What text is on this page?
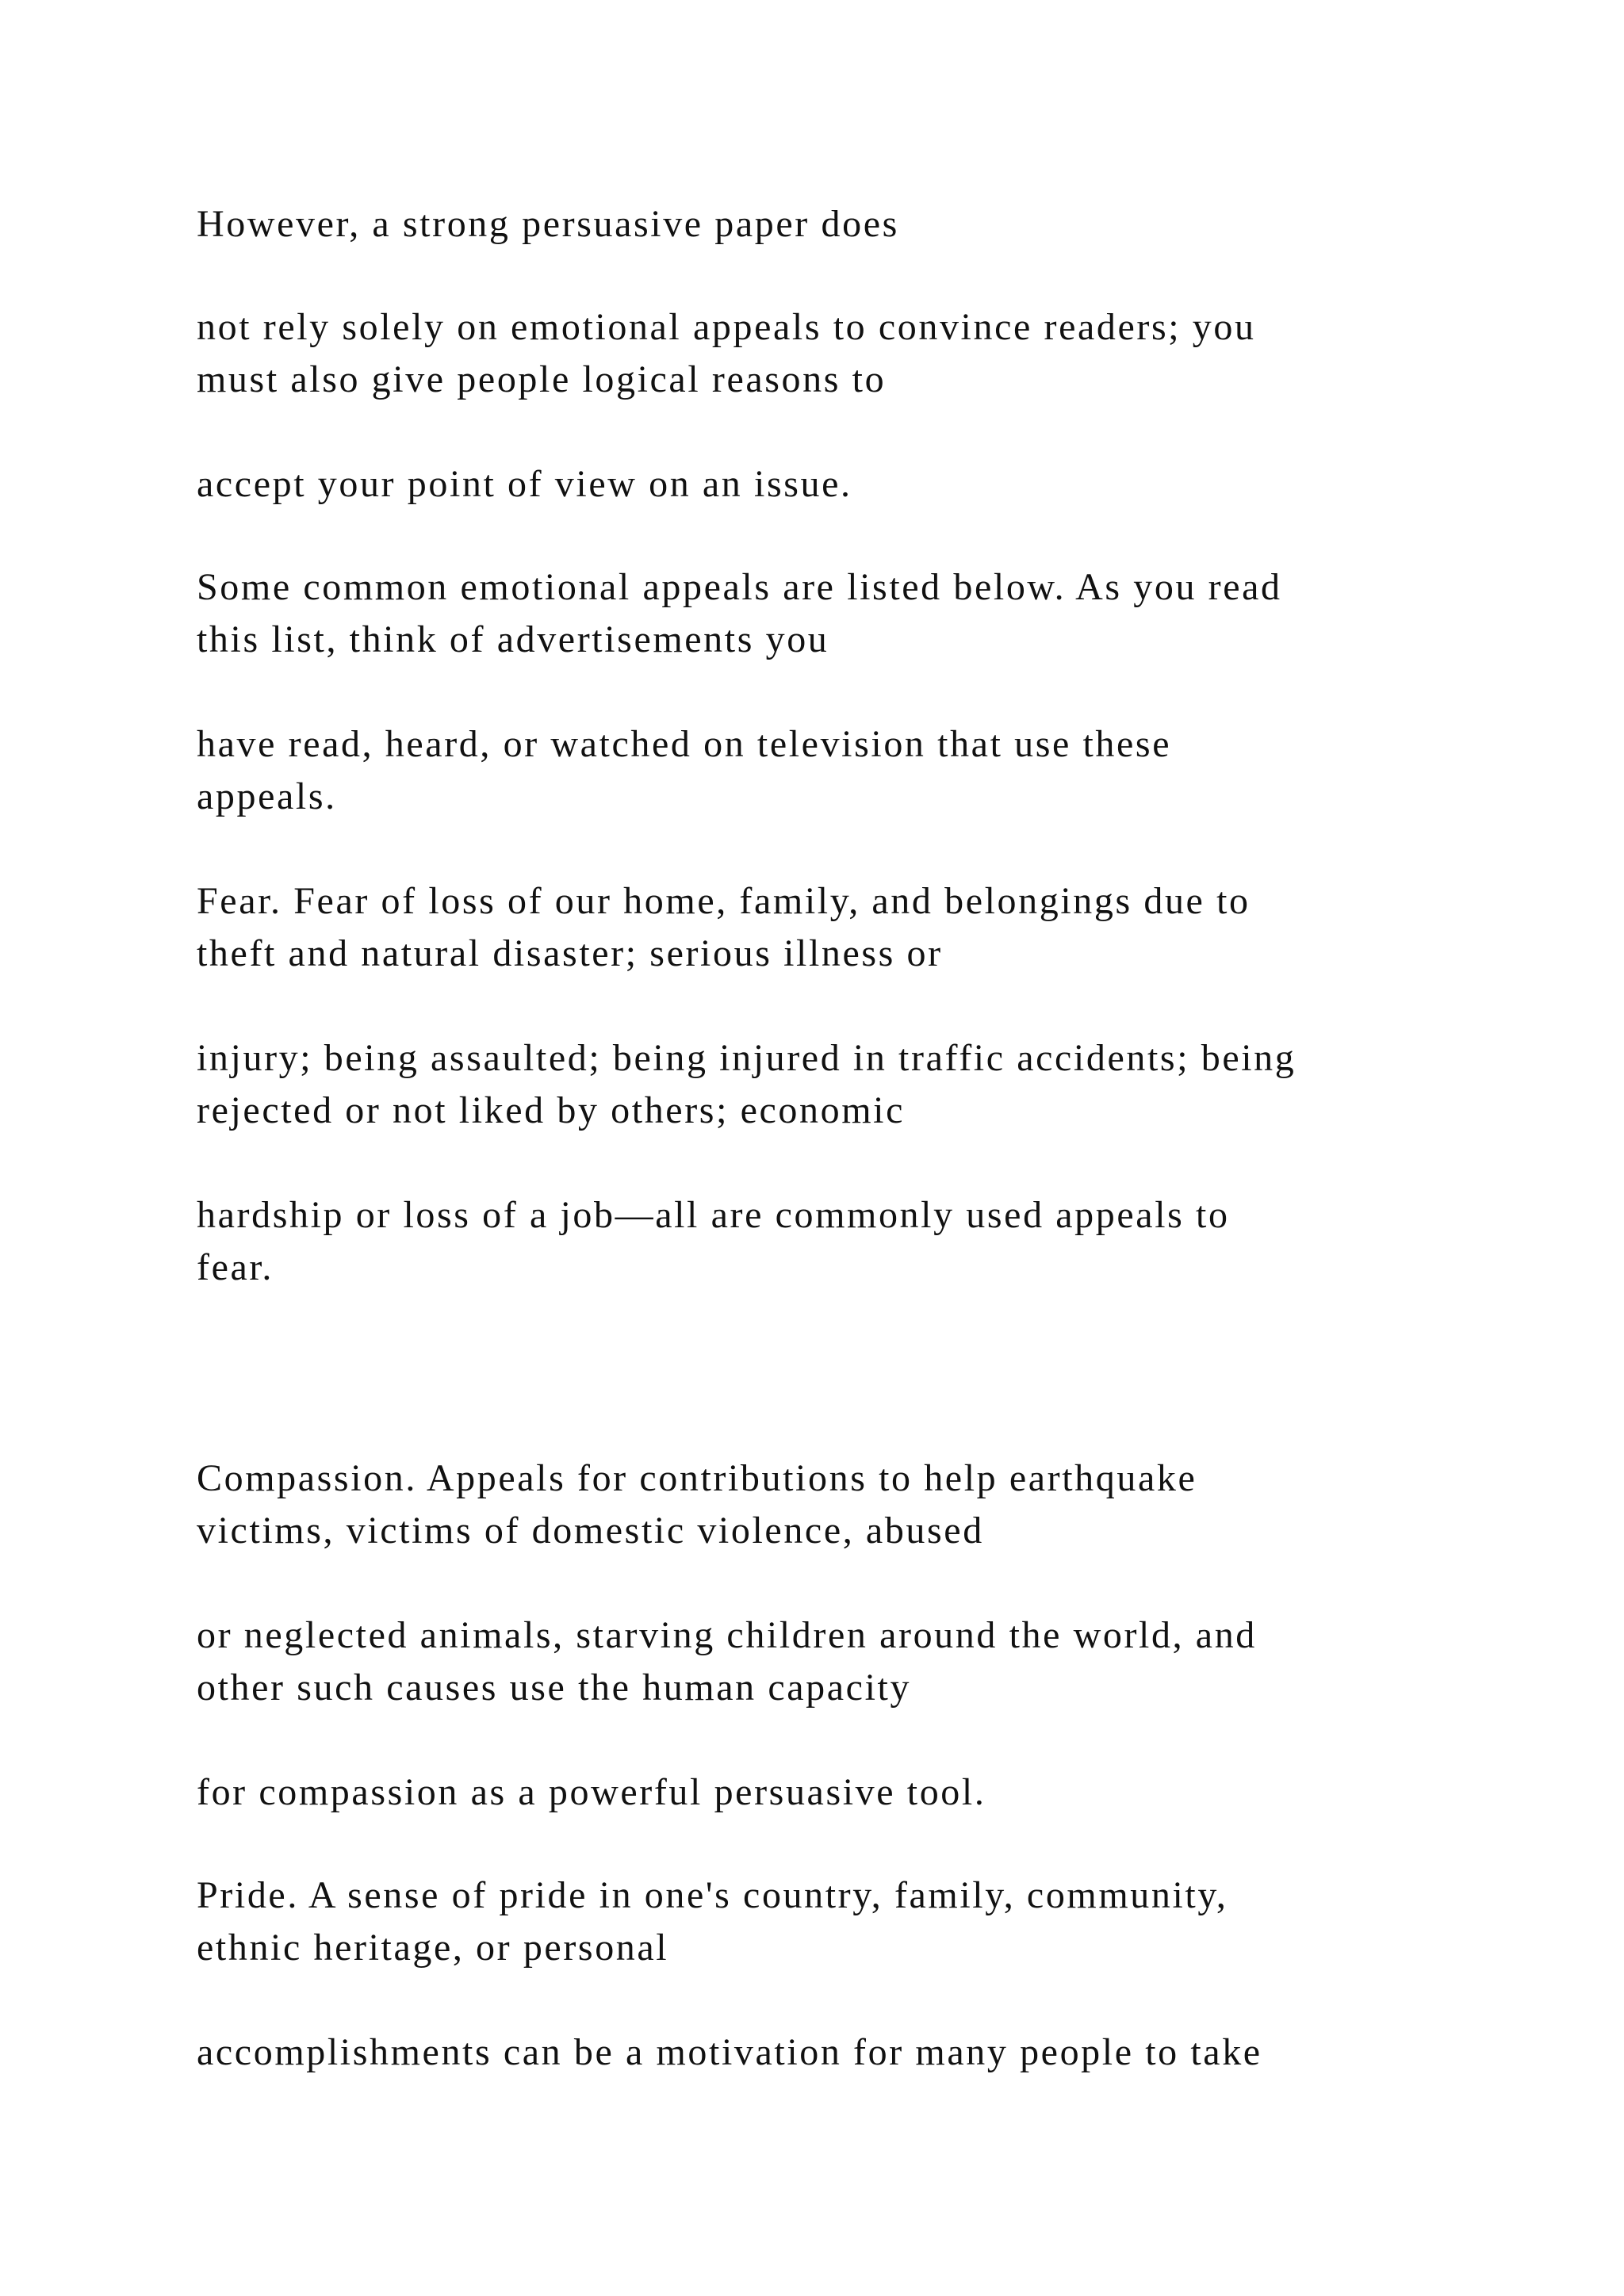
However, a strong persuasive paper does

not rely solely on emotional appeals to convince readers; you
must also give people logical reasons to

accept your point of view on an issue.

Some common emotional appeals are listed below. As you read
this list, think of advertisements you

have read, heard, or watched on television that use these
appeals.

Fear. Fear of loss of our home, family, and belongings due to
theft and natural disaster; serious illness or

injury; being assaulted; being injured in traffic accidents; being
rejected or not liked by others; economic

hardship or loss of a job—all are commonly used appeals to
fear.

Compassion. Appeals for contributions to help earthquake
victims, victims of domestic violence, abused

or neglected animals, starving children around the world, and
other such causes use the human capacity

for compassion as a powerful persuasive tool.

Pride. A sense of pride in one's country, family, community,
ethnic heritage, or personal

accomplishments can be a motivation for many people to take
